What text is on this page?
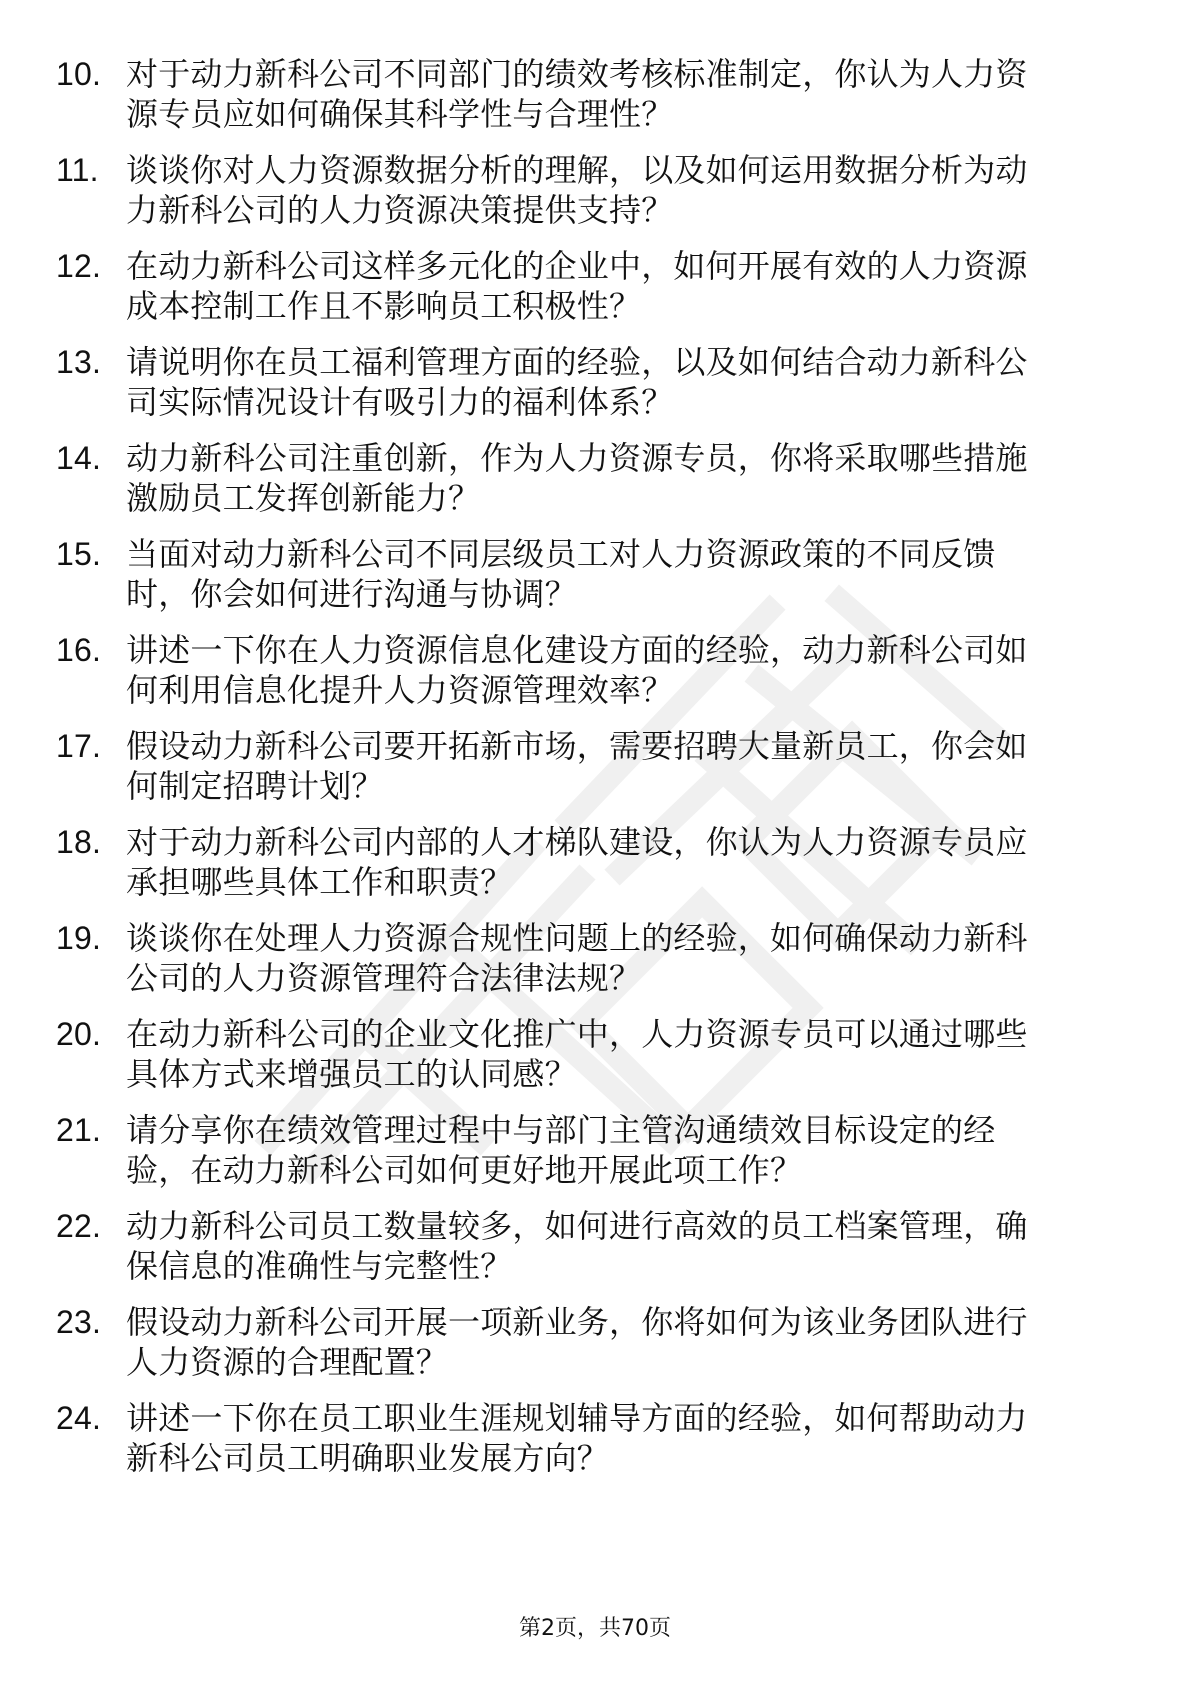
10. 对于动力新科公司不同部门的绩效考核标准制定，你认为人力资
源专员应如何确保其科学性与合理性？
11. 谈谈你对人力资源数据分析的理解，以及如何运用数据分析为动
力新科公司的人力资源决策提供支持？
12. 在动力新科公司这样多元化的企业中，如何开展有效的人力资源
成本控制工作且不影响员工积极性？
13. 请说明你在员工福利管理方面的经验，以及如何结合动力新科公
司实际情况设计有吸引力的福利体系？
14. 动力新科公司注重创新，作为人力资源专员，你将采取哪些措施
激励员工发挥创新能力？
15. 当面对动力新科公司不同层级员工对人力资源政策的不同反馈
时，你会如何进行沟通与协调？
16. 讲述一下你在人力资源信息化建设方面的经验，动力新科公司如
何利用信息化提升人力资源管理效率？
17. 假设动力新科公司要开拓新市场，需要招聘大量新员工，你会如
何制定招聘计划？
18. 对于动力新科公司内部的人才梯队建设，你认为人力资源专员应
承担哪些具体工作和职责？
19. 谈谈你在处理人力资源合规性问题上的经验，如何确保动力新科
公司的人力资源管理符合法律法规？
20. 在动力新科公司的企业文化推广中，人力资源专员可以通过哪些
具体方式来增强员工的认同感？
21. 请分享你在绩效管理过程中与部门主管沟通绩效目标设定的经
验，在动力新科公司如何更好地开展此项工作？
22. 动力新科公司员工数量较多，如何进行高效的员工档案管理，确
保信息的准确性与完整性？
23. 假设动力新科公司开展一项新业务，你将如何为该业务团队进行
人力资源的合理配置？
24. 讲述一下你在员工职业生涯规划辅导方面的经验，如何帮助动力
新科公司员工明确职业发展方向？
第2页，共70页
